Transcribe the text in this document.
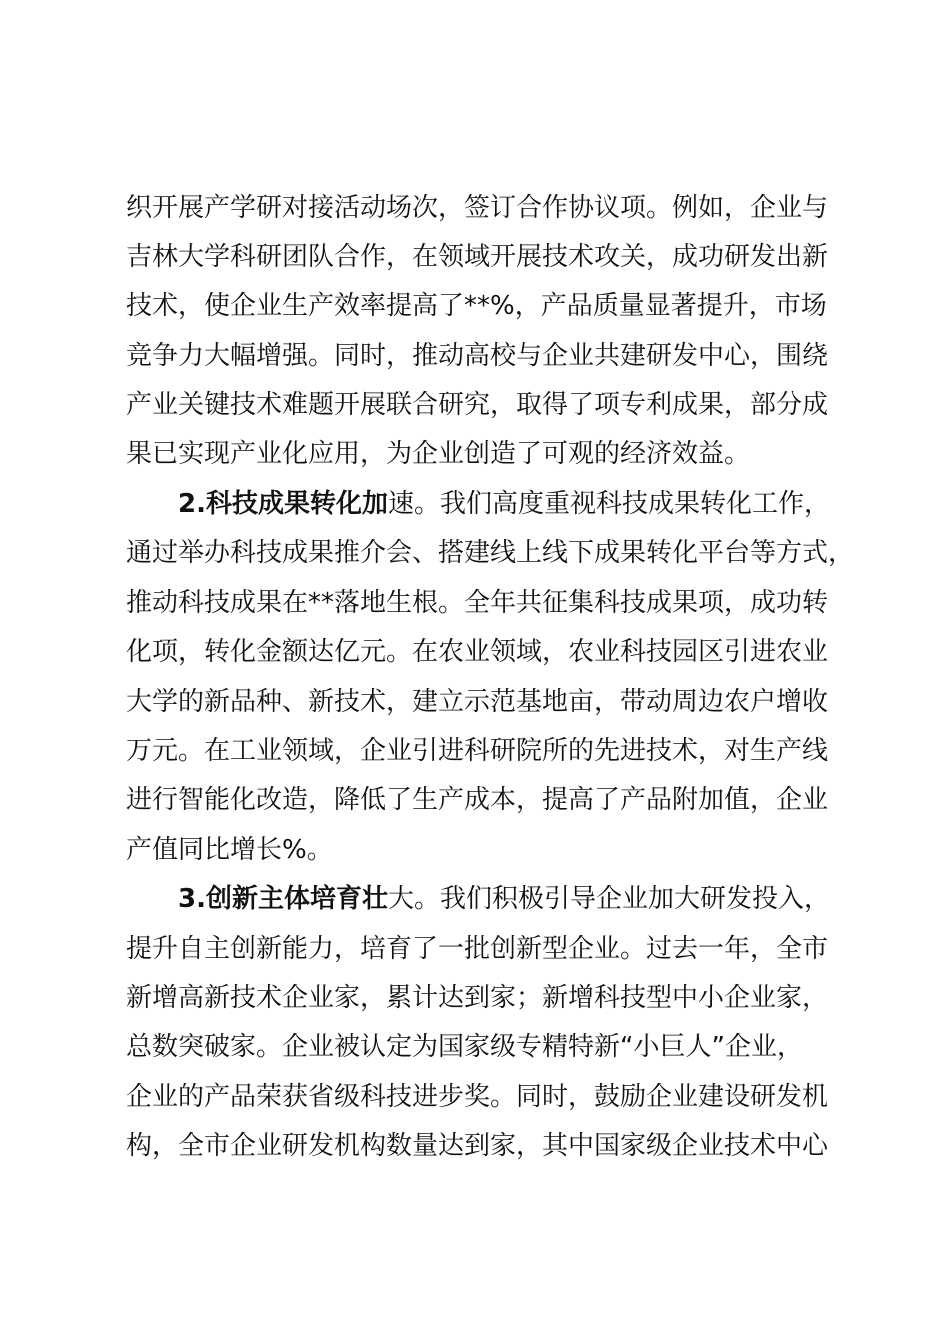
织开展产学研对接活动场次，签订合作协议项。例如，企业与
吉林大学科研团队合作，在领域开展技术攻关，成功研发出新
技术，使企业生产效率提高了**%，产品质量显著提升，市场
竞争力大幅增强。同时，推动高校与企业共建研发中心，围绕
产业关键技术难题开展联合研究，取得了项专利成果，部分成
果已实现产业化应用，为企业创造了可观的经济效益。
2.科技成果转化加速。我们高度重视科技成果转化工作，
通过举办科技成果推介会、搭建线上线下成果转化平台等方式，
推动科技成果在**落地生根。全年共征集科技成果项，成功转
化项，转化金额达亿元。在农业领域，农业科技园区引进农业
大学的新品种、新技术，建立示范基地亩，带动周边农户增收
万元。在工业领域，企业引进科研院所的先进技术，对生产线
进行智能化改造，降低了生产成本，提高了产品附加值，企业
产值同比增长%。
3.创新主体培育壮大。我们积极引导企业加大研发投入，
提升自主创新能力，培育了一批创新型企业。过去一年，全市
新增高新技术企业家，累计达到家；新增科技型中小企业家，
总数突破家。企业被认定为国家级专精特新“小巨人”企业，
企业的产品荣获省级科技进步奖。同时，鼓励企业建设研发机
构，全市企业研发机构数量达到家，其中国家级企业技术中心
